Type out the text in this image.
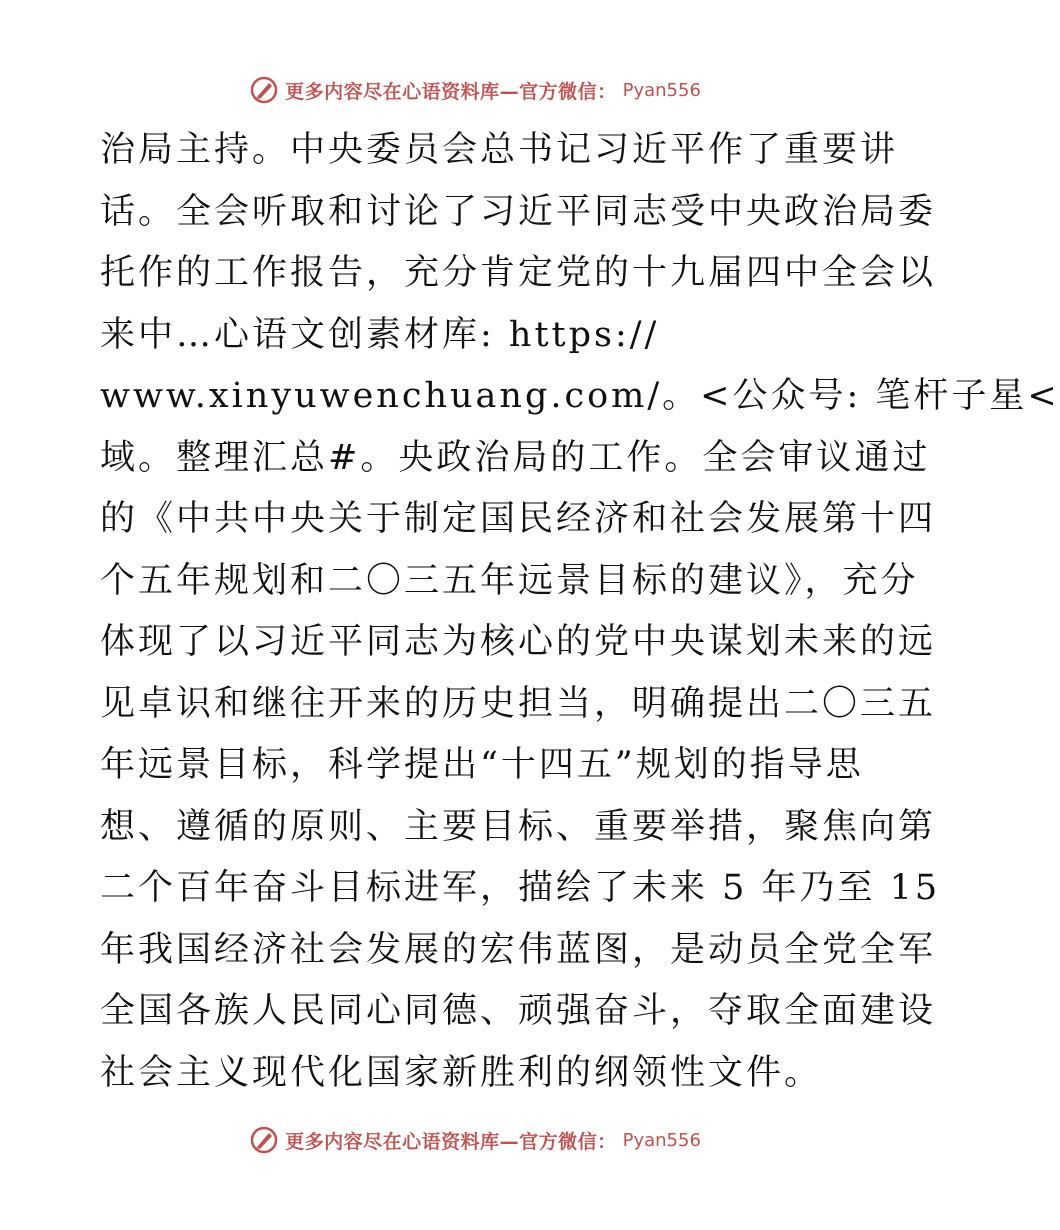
更多内容尽在心语资料库—官方微信： Pyan556
治局主持。中央委员会总书记习近平作了重要讲
话。全会听取和讨论了习近平同志受中央政治局委
托作的工作报告，充分肯定党的十九届四中全会以
来中…心语文创素材库: https://
www.xinyuwenchuang.com/。<公众号: 笔杆子星<
域。整理汇总#。央政治局的工作。全会审议通过
的《中共中央关于制定国民经济和社会发展第十四
个五年规划和二〇三五年远景目标的建议》，充分
体现了以习近平同志为核心的党中央谋划未来的远
见卓识和继往开来的历史担当，明确提出二〇三五
年远景目标，科学提出“十四五”规划的指导思
想、遵循的原则、主要目标、重要举措，聚焦向第
二个百年奋斗目标进军，描绘了未来 5 年乃至 15
年我国经济社会发展的宏伟蓝图，是动员全党全军
全国各族人民同心同德、顽强奋斗，夺取全面建设
社会主义现代化国家新胜利的纲领性文件。
更多内容尽在心语资料库—官方微信： Pyan556
